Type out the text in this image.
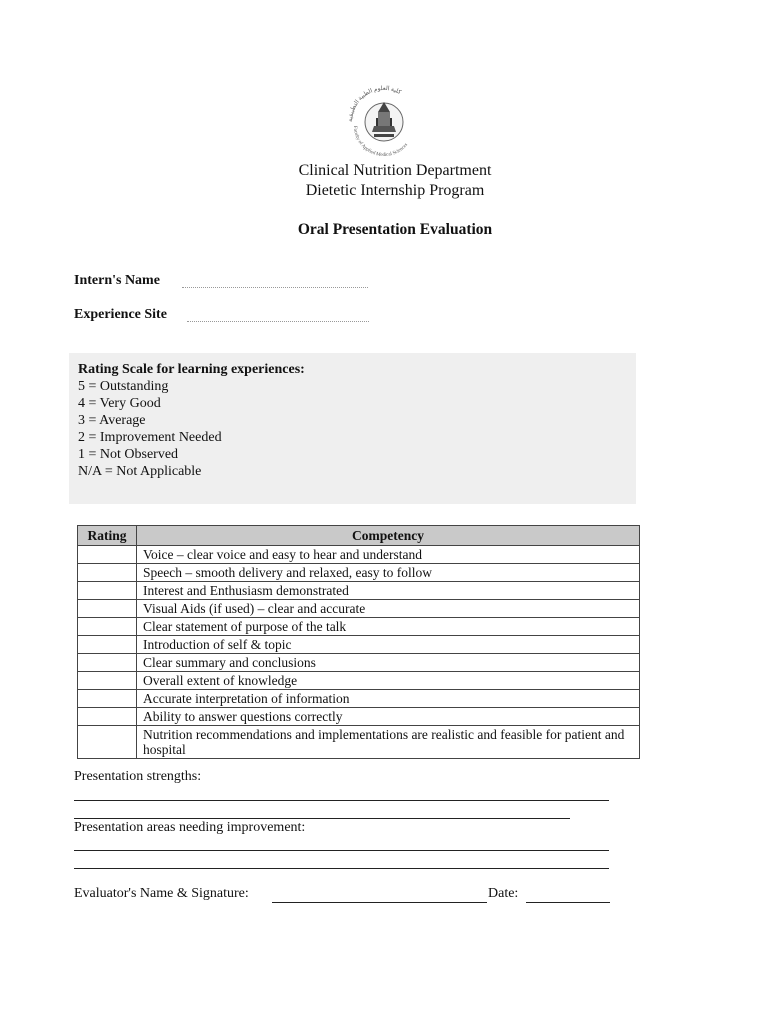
كلية العلوم الطبية التطبيقية
Faculty of Applied Medical Sciences
Clinical Nutrition Department
Dietetic Internship Program
Oral Presentation Evaluation
Intern's Name
Experience Site
Rating Scale for learning experiences:
5 = Outstanding
4 = Very Good
3 = Average
2 = Improvement Needed
1 = Not Observed
N/A = Not Applicable
Rating	Competency
	Voice – clear voice and easy to hear and understand
	Speech – smooth delivery and relaxed, easy to follow
	Interest and Enthusiasm demonstrated
	Visual Aids (if used) – clear and accurate
	Clear statement of purpose of the talk
	Introduction of self & topic
	Clear summary and conclusions
	Overall extent of knowledge
	Accurate interpretation of information
	Ability to answer questions correctly
	Nutrition recommendations and implementations are realistic and feasible for patient and hospital
Presentation strengths:
Presentation areas needing improvement:
Evaluator's Name & Signature:	Date:
